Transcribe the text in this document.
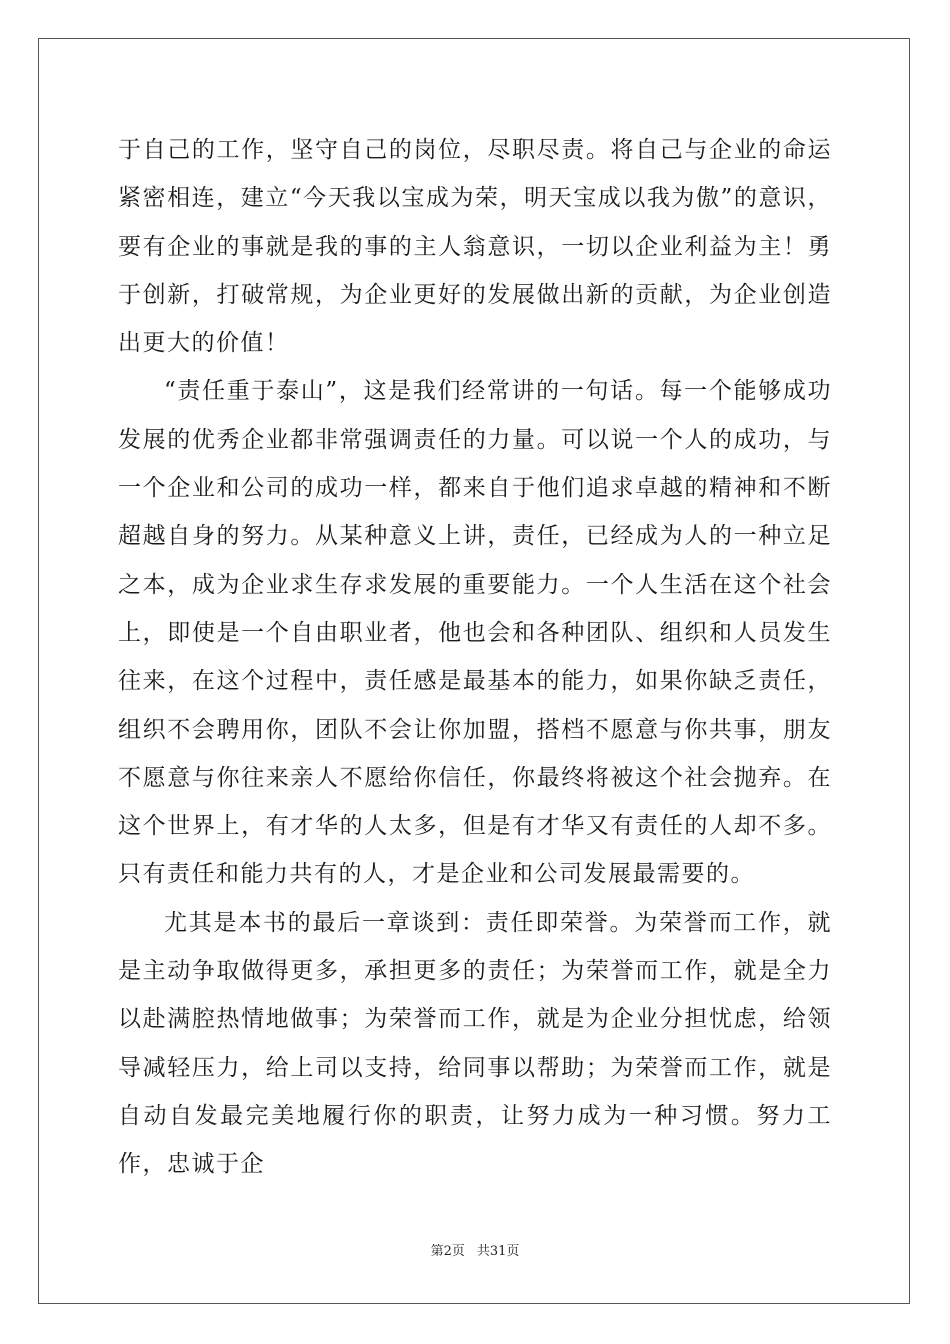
于自己的工作，坚守自己的岗位，尽职尽责。将自己与企业的命运紧密相连，建立“今天我以宝成为荣，明天宝成以我为傲”的意识，要有企业的事就是我的事的主人翁意识，一切以企业利益为主！勇于创新，打破常规，为企业更好的发展做出新的贡献，为企业创造出更大的价值！

“责任重于泰山”，这是我们经常讲的一句话。每一个能够成功发展的优秀企业都非常强调责任的力量。可以说一个人的成功，与一个企业和公司的成功一样，都来自于他们追求卓越的精神和不断超越自身的努力。从某种意义上讲，责任，已经成为人的一种立足之本，成为企业求生存求发展的重要能力。一个人生活在这个社会上，即使是一个自由职业者，他也会和各种团队、组织和人员发生往来，在这个过程中，责任感是最基本的能力，如果你缺乏责任，组织不会聘用你，团队不会让你加盟，搭档不愿意与你共事，朋友不愿意与你往来亲人不愿给你信任，你最终将被这个社会抛弃。在这个世界上，有才华的人太多，但是有才华又有责任的人却不多。只有责任和能力共有的人，才是企业和公司发展最需要的。

尤其是本书的最后一章谈到：责任即荣誉。为荣誉而工作，就是主动争取做得更多，承担更多的责任；为荣誉而工作，就是全力以赴满腔热情地做事；为荣誉而工作，就是为企业分担忧虑，给领导减轻压力，给上司以支持，给同事以帮助；为荣誉而工作，就是自动自发最完美地履行你的职责，让努力成为一种习惯。努力工作，忠诚于企

第2页 共31页
